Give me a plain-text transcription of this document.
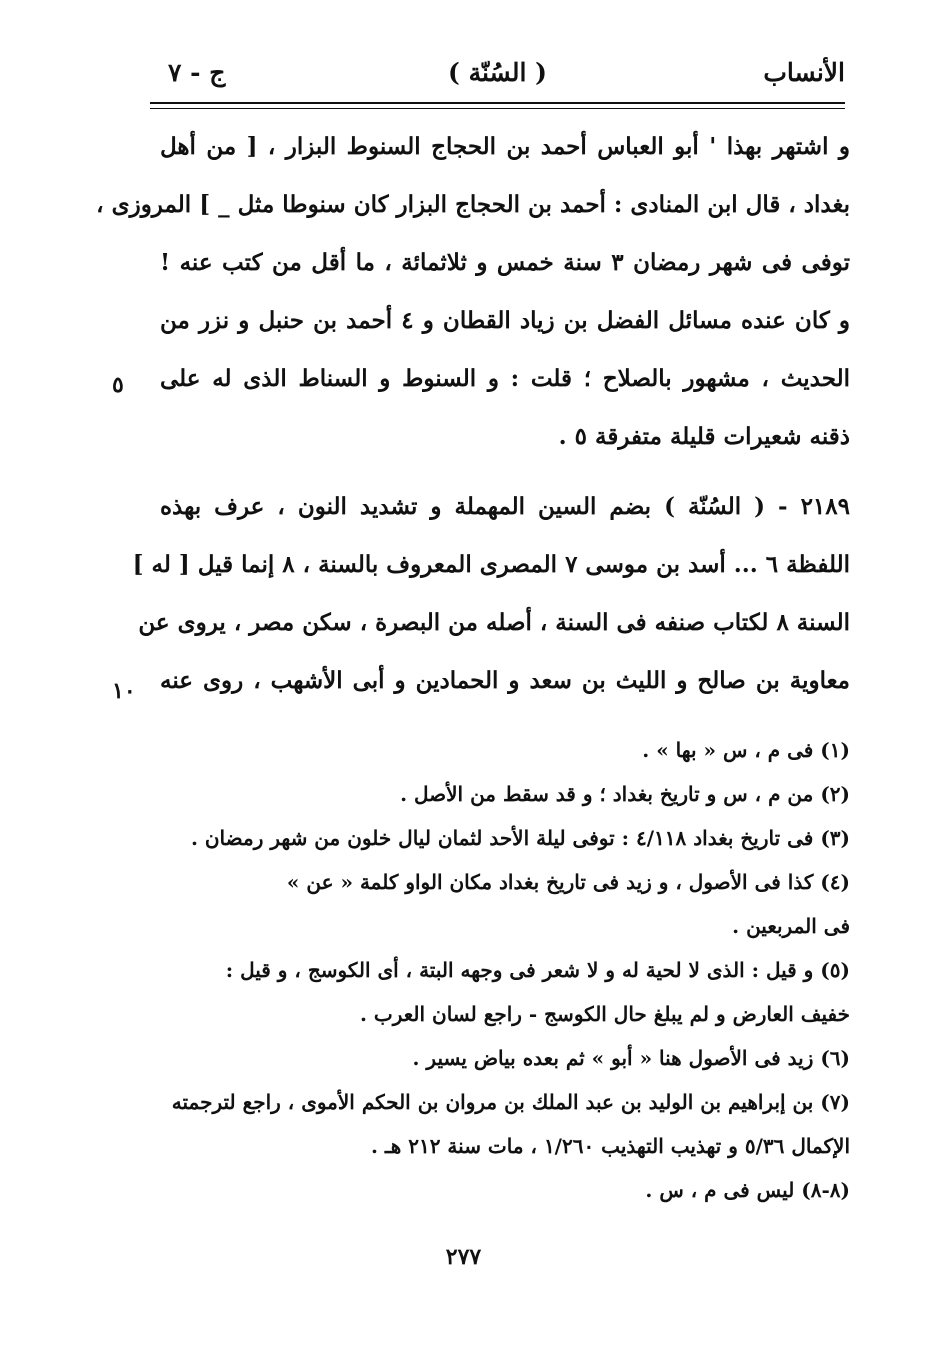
الأنساب
( السُنّة )
ج - ٧
و اشتهر بهذا ' أبو العباس أحمد بن الحجاج السنوط البزار ، [ من أهل
بغداد ، قال ابن المنادى : أحمد بن الحجاج البزار كان سنوطا مثل _ ] المروزى ،
توفى فى شهر رمضان ٣ سنة خمس و ثلاثمائة ، ما أقل من كتب عنه !
و كان عنده مسائل الفضل بن زياد القطان و ٤ أحمد بن حنبل و نزر من
الحديث ، مشهور بالصلاح ؛ قلت : و السنوط و السناط الذى له على
ذقنه شعيرات قليلة متفرقة ٥ .
٢١٨٩ - ( السُنّة ) بضم السين المهملة و تشديد النون ، عرف بهذه
اللفظة ٦ ... أسد بن موسى ٧ المصرى المعروف بالسنة ، ٨ إنما قيل [ له ]
السنة ٨ لكتاب صنفه فى السنة ، أصله من البصرة ، سكن مصر ، يروى عن
معاوية بن صالح و الليث بن سعد و الحمادين و أبى الأشهب ، روى عنه
٥
١٠
(١) فى م ، س « بها » .
(٢) من م ، س و تاريخ بغداد ؛ و قد سقط من الأصل .
(٣) فى تاريخ بغداد ٤/١١٨ : توفى ليلة الأحد لثمان ليال خلون من شهر رمضان .
(٤) كذا فى الأصول ، و زيد فى تاريخ بغداد مكان الواو كلمة « عن »
فى المربعين .
(٥) و قيل : الذى لا لحية له و لا شعر فى وجهه البتة ، أى الكوسج ، و قيل :
خفيف العارض و لم يبلغ حال الكوسج - راجع لسان العرب .
(٦) زيد فى الأصول هنا « أبو » ثم بعده بياض يسير .
(٧) بن إبراهيم بن الوليد بن عبد الملك بن مروان بن الحكم الأموى ، راجع لترجمته
الإكمال ٥/٣٦ و تهذيب التهذيب ١/٢٦٠ ، مات سنة ٢١٢ هـ .
(٨-٨) ليس فى م ، س .
٢٧٧
